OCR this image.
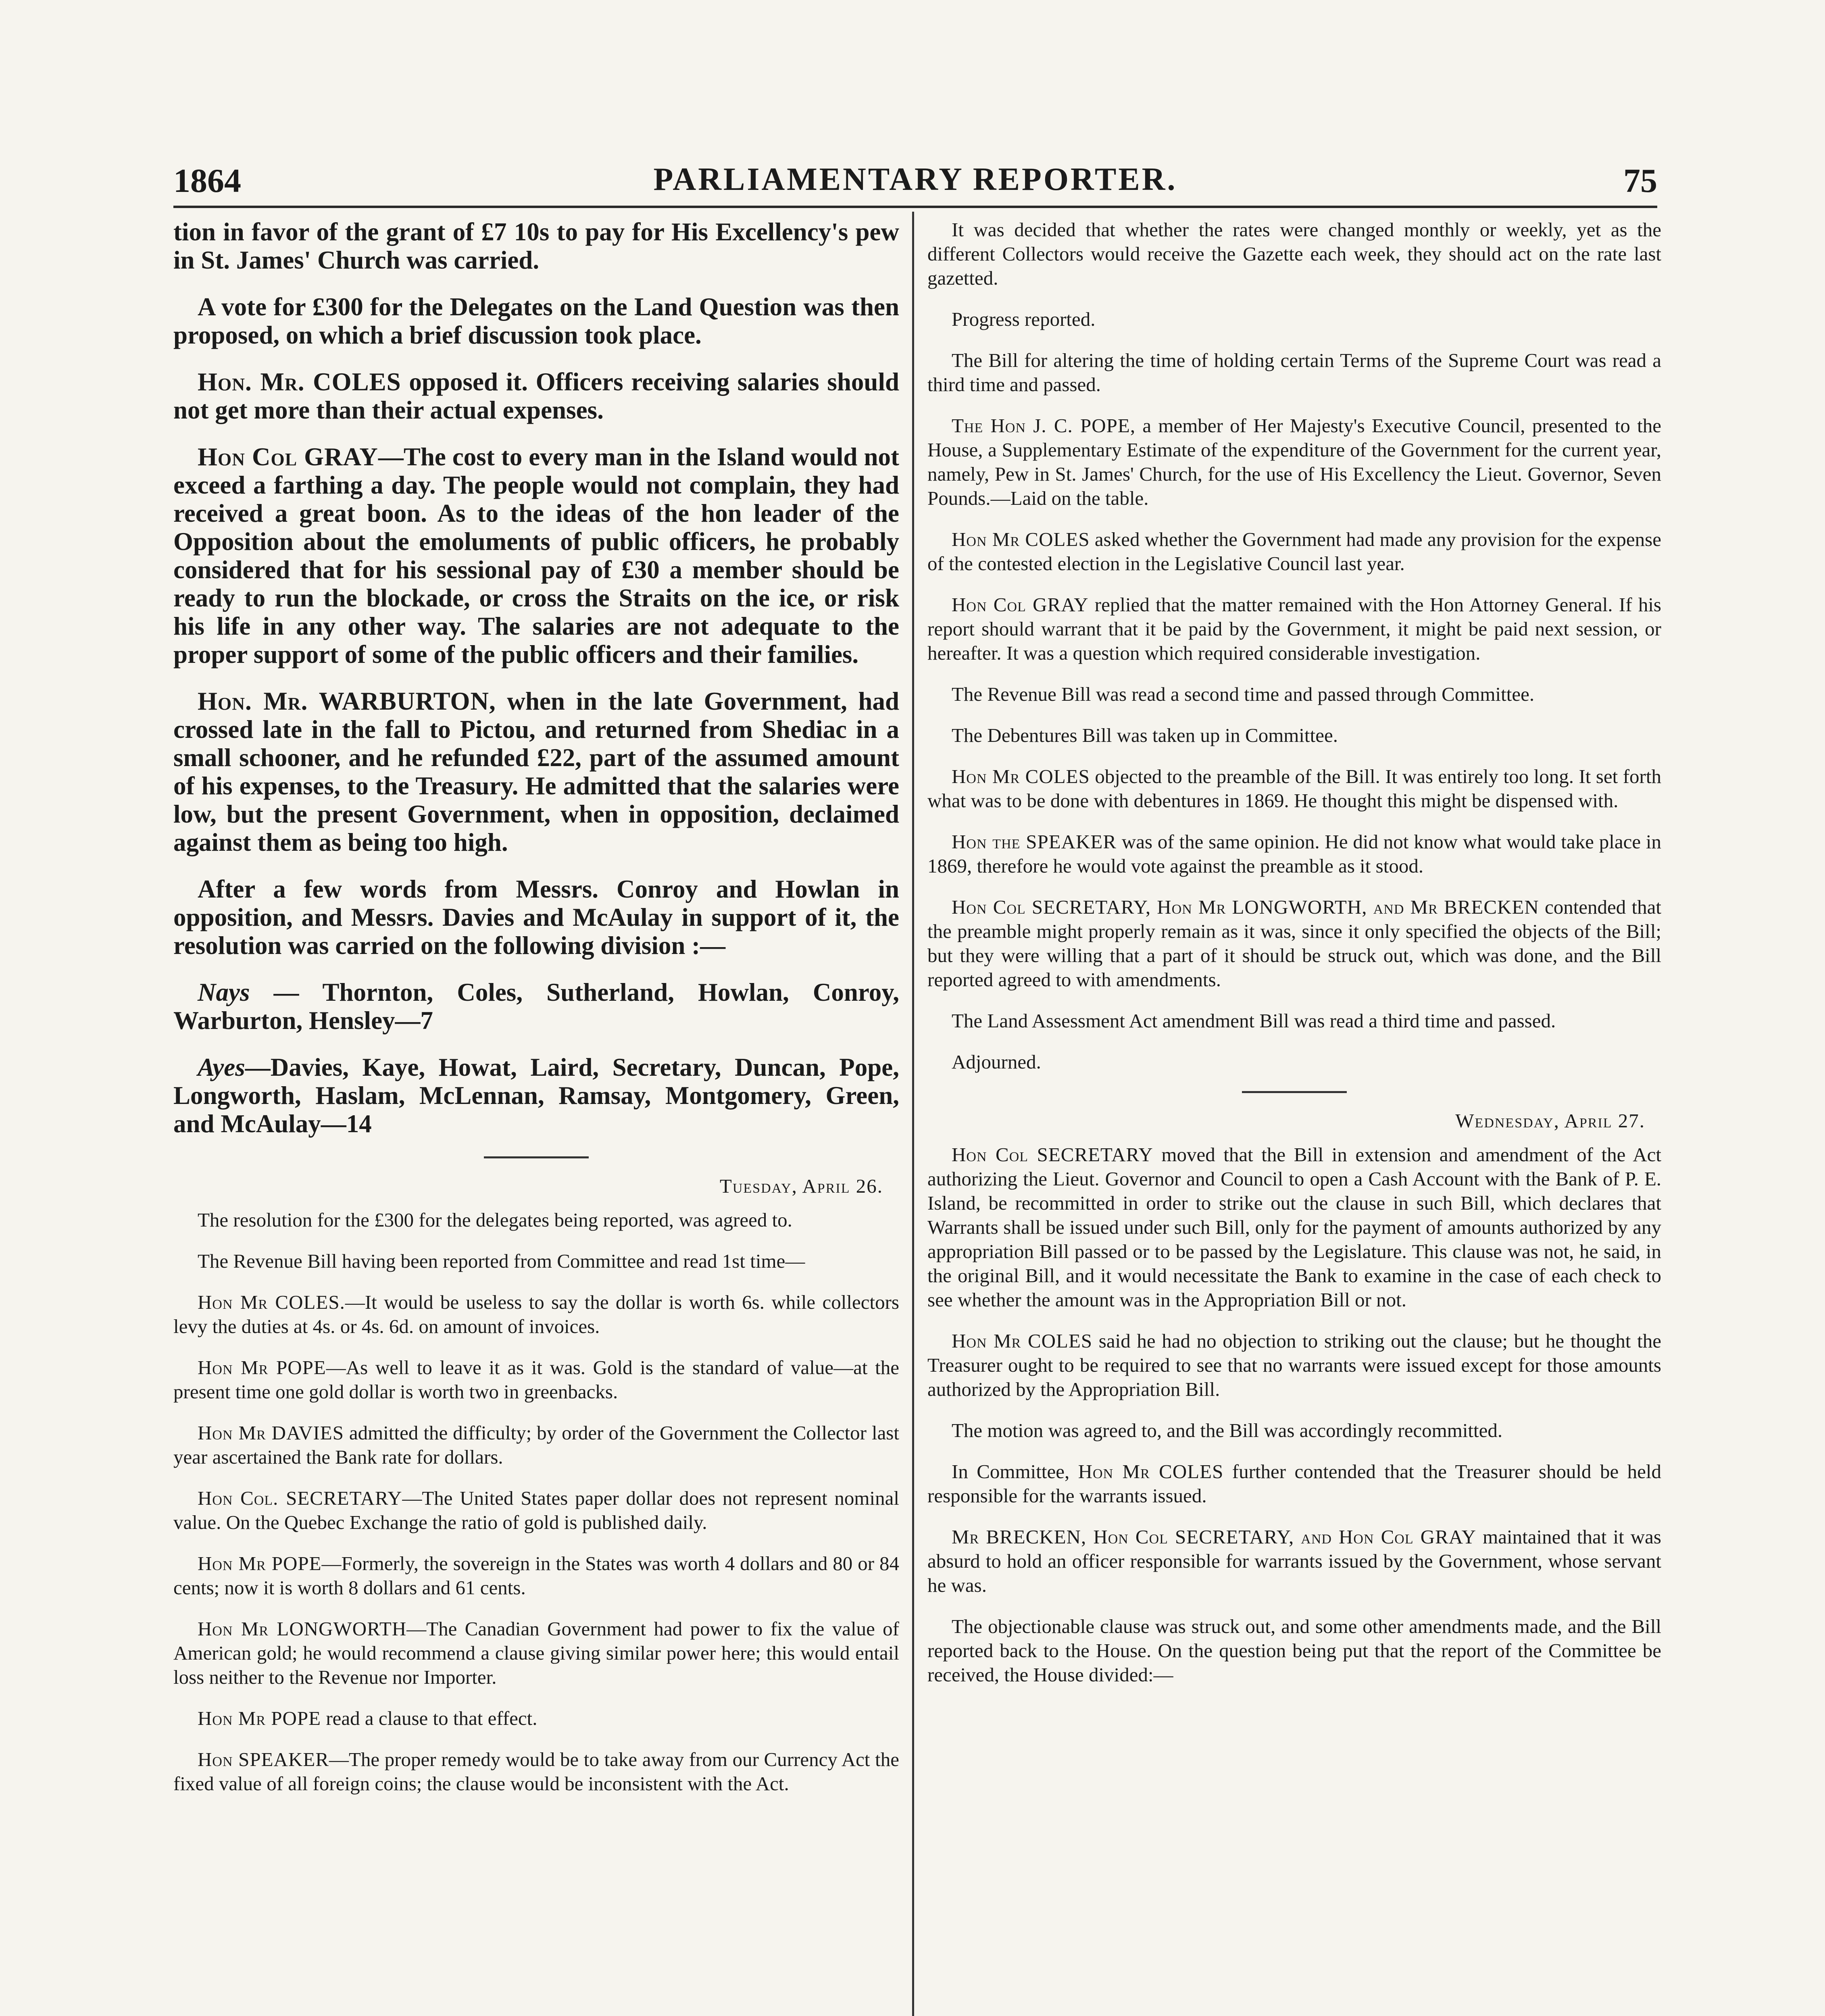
1864	PARLIAMENTARY REPORTER.	75

tion in favor of the grant of £7 10s to pay for His Excellency's pew in St. James' Church was carried.

A vote for £300 for the Delegates on the Land Question was then proposed, on which a brief discussion took place.

Hon. Mr. COLES opposed it. Officers receiving salaries should not get more than their actual expenses.

Hon Col GRAY—The cost to every man in the Island would not exceed a farthing a day. The people would not complain, they had received a great boon. As to the ideas of the hon leader of the Opposition about the emoluments of public officers, he probably considered that for his sessional pay of £30 a member should be ready to run the blockade, or cross the Straits on the ice, or risk his life in any other way. The salaries are not adequate to the proper support of some of the public officers and their families.

Hon. Mr. WARBURTON, when in the late Government, had crossed late in the fall to Pictou, and returned from Shediac in a small schooner, and he refunded £22, part of the assumed amount of his expenses, to the Treasury. He admitted that the salaries were low, but the present Government, when in opposition, declaimed against them as being too high.

After a few words from Messrs. Conroy and Howlan in opposition, and Messrs. Davies and McAulay in support of it, the resolution was carried on the following division :—

Nays — Thornton, Coles, Sutherland, Howlan, Conroy, Warburton, Hensley—7

Ayes—Davies, Kaye, Howat, Laird, Secretary, Duncan, Pope, Longworth, Haslam, McLennan, Ramsay, Montgomery, Green, and McAulay—14

Tuesday, April 26.

The resolution for the £300 for the delegates being reported, was agreed to.

The Revenue Bill having been reported from Committee and read 1st time—

Hon Mr COLES.—It would be useless to say the dollar is worth 6s. while collectors levy the duties at 4s. or 4s. 6d. on amount of invoices.

Hon Mr POPE—As well to leave it as it was. Gold is the standard of value—at the present time one gold dollar is worth two in greenbacks.

Hon Mr DAVIES admitted the difficulty; by order of the Government the Collector last year ascertained the Bank rate for dollars.

Hon Col. SECRETARY—The United States paper dollar does not represent nominal value. On the Quebec Exchange the ratio of gold is published daily.

Hon Mr POPE—Formerly, the sovereign in the States was worth 4 dollars and 80 or 84 cents; now it is worth 8 dollars and 61 cents.

Hon Mr LONGWORTH—The Canadian Government had power to fix the value of American gold; he would recommend a clause giving similar power here; this would entail loss neither to the Revenue nor Importer.

Hon Mr POPE read a clause to that effect.

Hon SPEAKER—The proper remedy would be to take away from our Currency Act the fixed value of all foreign coins; the clause would be inconsistent with the Act.

It was decided that whether the rates were changed monthly or weekly, yet as the different Collectors would receive the Gazette each week, they should act on the rate last gazetted.

Progress reported.

The Bill for altering the time of holding certain Terms of the Supreme Court was read a third time and passed.

The Hon J. C. POPE, a member of Her Majesty's Executive Council, presented to the House, a Supplementary Estimate of the expenditure of the Government for the current year, namely, Pew in St. James' Church, for the use of His Excellency the Lieut. Governor, Seven Pounds.—Laid on the table.

Hon Mr COLES asked whether the Government had made any provision for the expense of the contested election in the Legislative Council last year.

Hon Col GRAY replied that the matter remained with the Hon Attorney General. If his report should warrant that it be paid by the Government, it might be paid next session, or hereafter. It was a question which required considerable investigation.

The Revenue Bill was read a second time and passed through Committee.

The Debentures Bill was taken up in Committee.

Hon Mr COLES objected to the preamble of the Bill. It was entirely too long. It set forth what was to be done with debentures in 1869. He thought this might be dispensed with.

Hon the SPEAKER was of the same opinion. He did not know what would take place in 1869, therefore he would vote against the preamble as it stood.

Hon Col SECRETARY, Hon Mr LONGWORTH, and Mr BRECKEN contended that the preamble might properly remain as it was, since it only specified the objects of the Bill; but they were willing that a part of it should be struck out, which was done, and the Bill reported agreed to with amendments.

The Land Assessment Act amendment Bill was read a third time and passed.

Adjourned.

Wednesday, April 27.

Hon Col SECRETARY moved that the Bill in extension and amendment of the Act authorizing the Lieut. Governor and Council to open a Cash Account with the Bank of P. E. Island, be recommitted in order to strike out the clause in such Bill, which declares that Warrants shall be issued under such Bill, only for the payment of amounts authorized by any appropriation Bill passed or to be passed by the Legislature. This clause was not, he said, in the original Bill, and it would necessitate the Bank to examine in the case of each check to see whether the amount was in the Appropriation Bill or not.

Hon Mr COLES said he had no objection to striking out the clause; but he thought the Treasurer ought to be required to see that no warrants were issued except for those amounts authorized by the Appropriation Bill.

The motion was agreed to, and the Bill was accordingly recommitted.

In Committee, Hon Mr COLES further contended that the Treasurer should be held responsible for the warrants issued.

Mr BRECKEN, Hon Col SECRETARY, and Hon Col GRAY maintained that it was absurd to hold an officer responsible for warrants issued by the Government, whose servant he was.

The objectionable clause was struck out, and some other amendments made, and the Bill reported back to the House. On the question being put that the report of the Committee be received, the House divided:—
